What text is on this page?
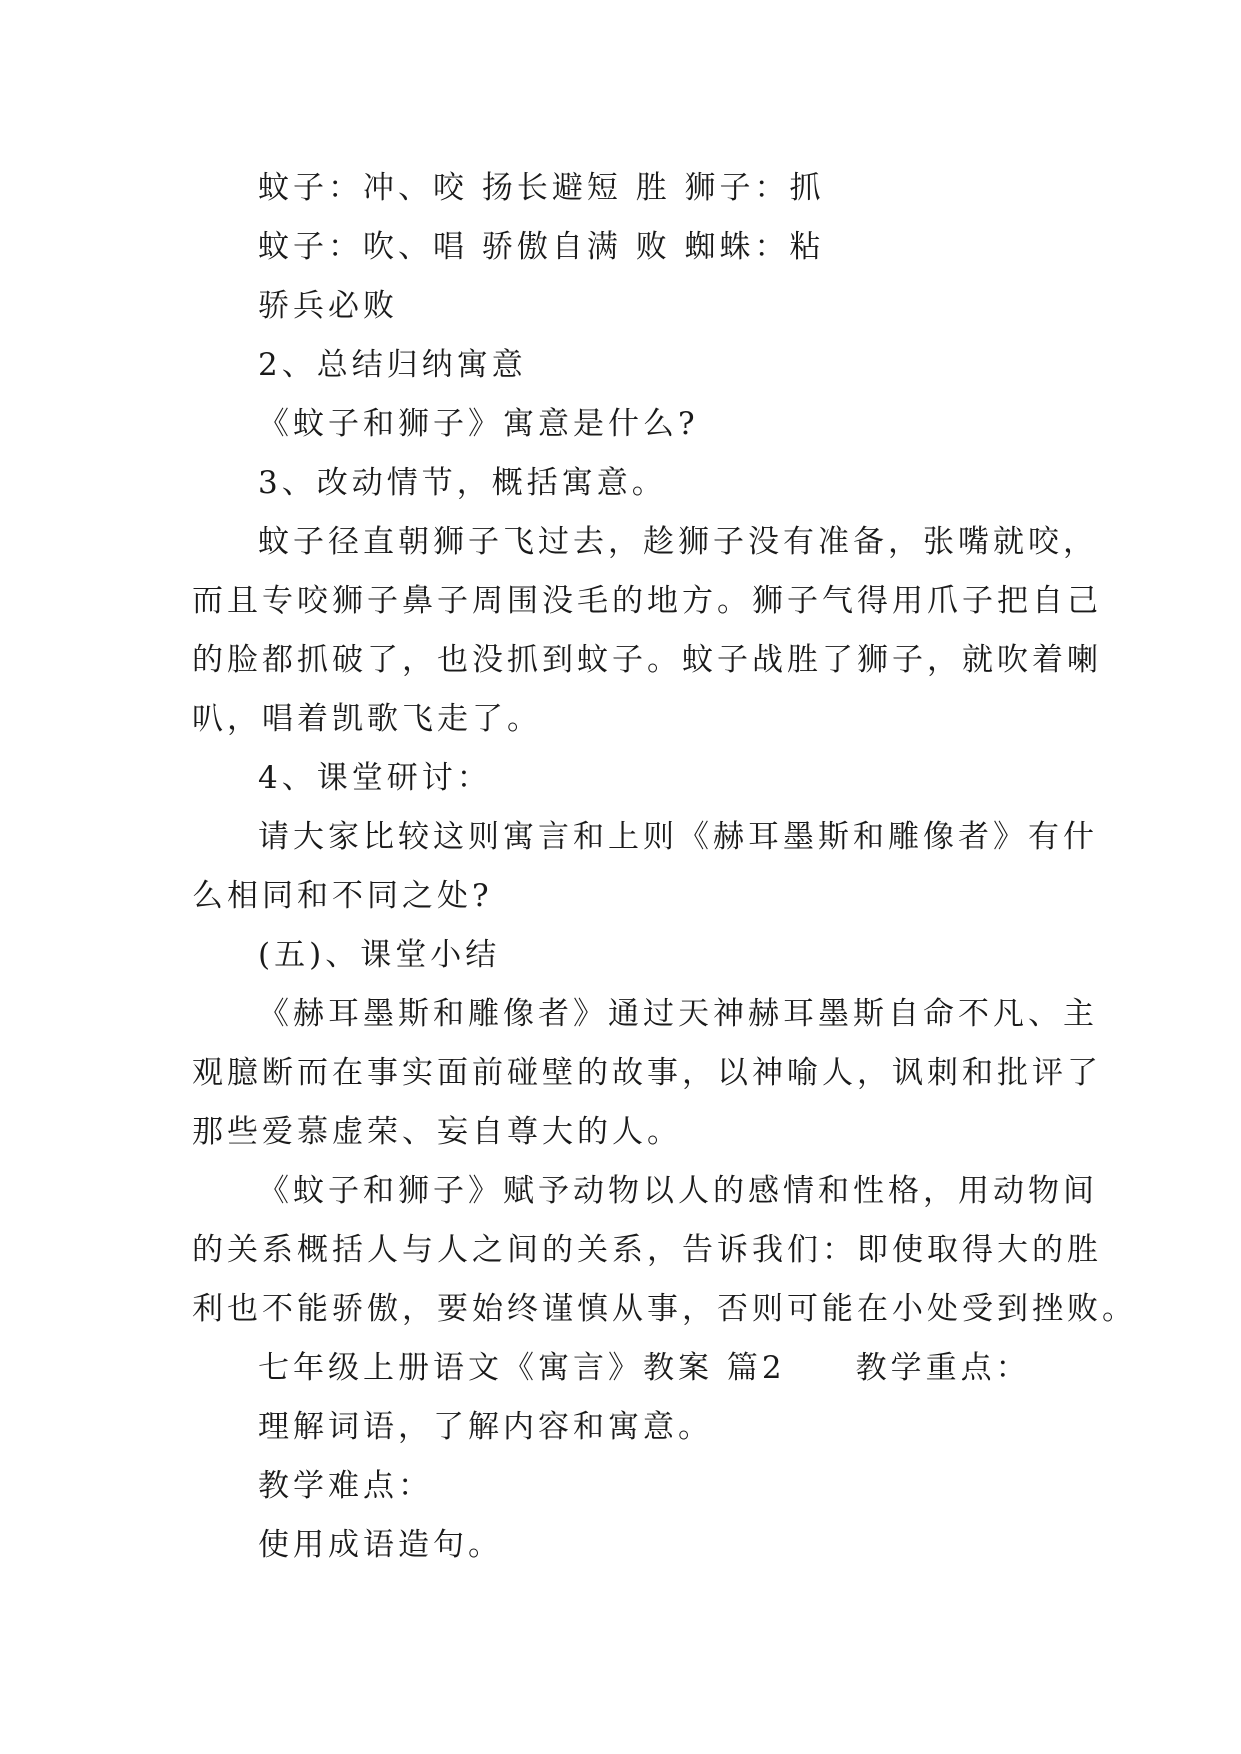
蚊子：冲、咬 扬长避短 胜 狮子：抓
蚊子：吹、唱 骄傲自满 败 蜘蛛：粘
骄兵必败
2、总结归纳寓意
《蚊子和狮子》寓意是什么?
3、改动情节，概括寓意。
蚊子径直朝狮子飞过去，趁狮子没有准备，张嘴就咬，
而且专咬狮子鼻子周围没毛的地方。狮子气得用爪子把自己
的脸都抓破了，也没抓到蚊子。蚊子战胜了狮子，就吹着喇
叭，唱着凯歌飞走了。
4、课堂研讨：
请大家比较这则寓言和上则《赫耳墨斯和雕像者》有什
么相同和不同之处?
(五)、课堂小结
《赫耳墨斯和雕像者》通过天神赫耳墨斯自命不凡、主
观臆断而在事实面前碰壁的故事，以神喻人，讽刺和批评了
那些爱慕虚荣、妄自尊大的人。
《蚊子和狮子》赋予动物以人的感情和性格，用动物间
的关系概括人与人之间的关系，告诉我们：即使取得大的胜
利也不能骄傲，要始终谨慎从事，否则可能在小处受到挫败。
七年级上册语文《寓言》教案 篇2　　教学重点：
理解词语，了解内容和寓意。
教学难点：
使用成语造句。
